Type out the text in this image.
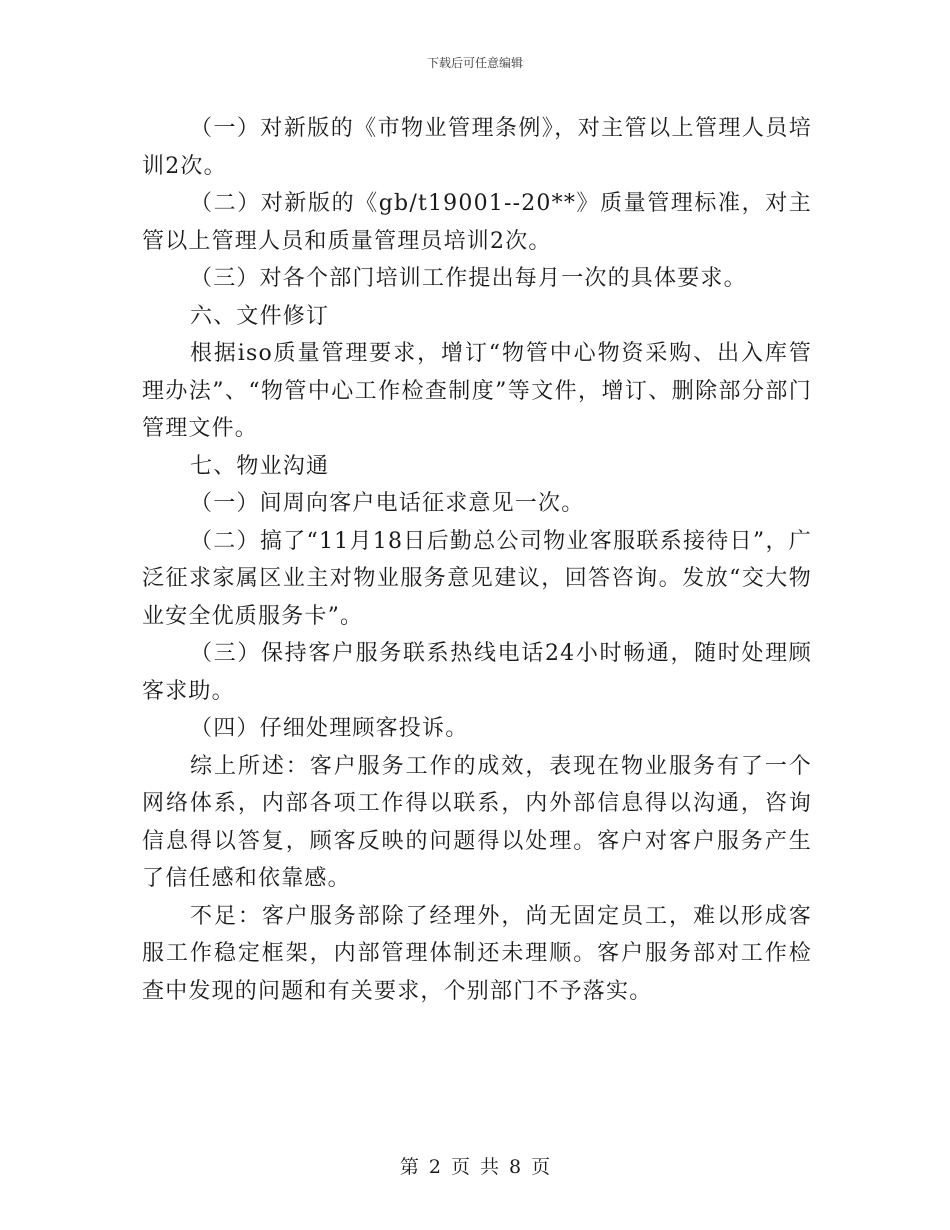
下载后可任意编辑

（一）对新版的《市物业管理条例》，对主管以上管理人员培训2次。

（二）对新版的《gb/t19001--20**》质量管理标准，对主管以上管理人员和质量管理员培训2次。

（三）对各个部门培训工作提出每月一次的具体要求。

六、文件修订

根据iso质量管理要求，增订“物管中心物资采购、出入库管理办法”、“物管中心工作检查制度”等文件，增订、删除部分部门管理文件。

七、物业沟通

（一）间周向客户电话征求意见一次。

（二）搞了“11月18日后勤总公司物业客服联系接待日”，广泛征求家属区业主对物业服务意见建议，回答咨询。发放“交大物业安全优质服务卡”。

（三）保持客户服务联系热线电话24小时畅通，随时处理顾客求助。

（四）仔细处理顾客投诉。

综上所述：客户服务工作的成效，表现在物业服务有了一个网络体系，内部各项工作得以联系，内外部信息得以沟通，咨询信息得以答复，顾客反映的问题得以处理。客户对客户服务产生了信任感和依靠感。

不足：客户服务部除了经理外，尚无固定员工，难以形成客服工作稳定框架，内部管理体制还未理顺。客户服务部对工作检查中发现的问题和有关要求，个别部门不予落实。

第 2 页 共 8 页
